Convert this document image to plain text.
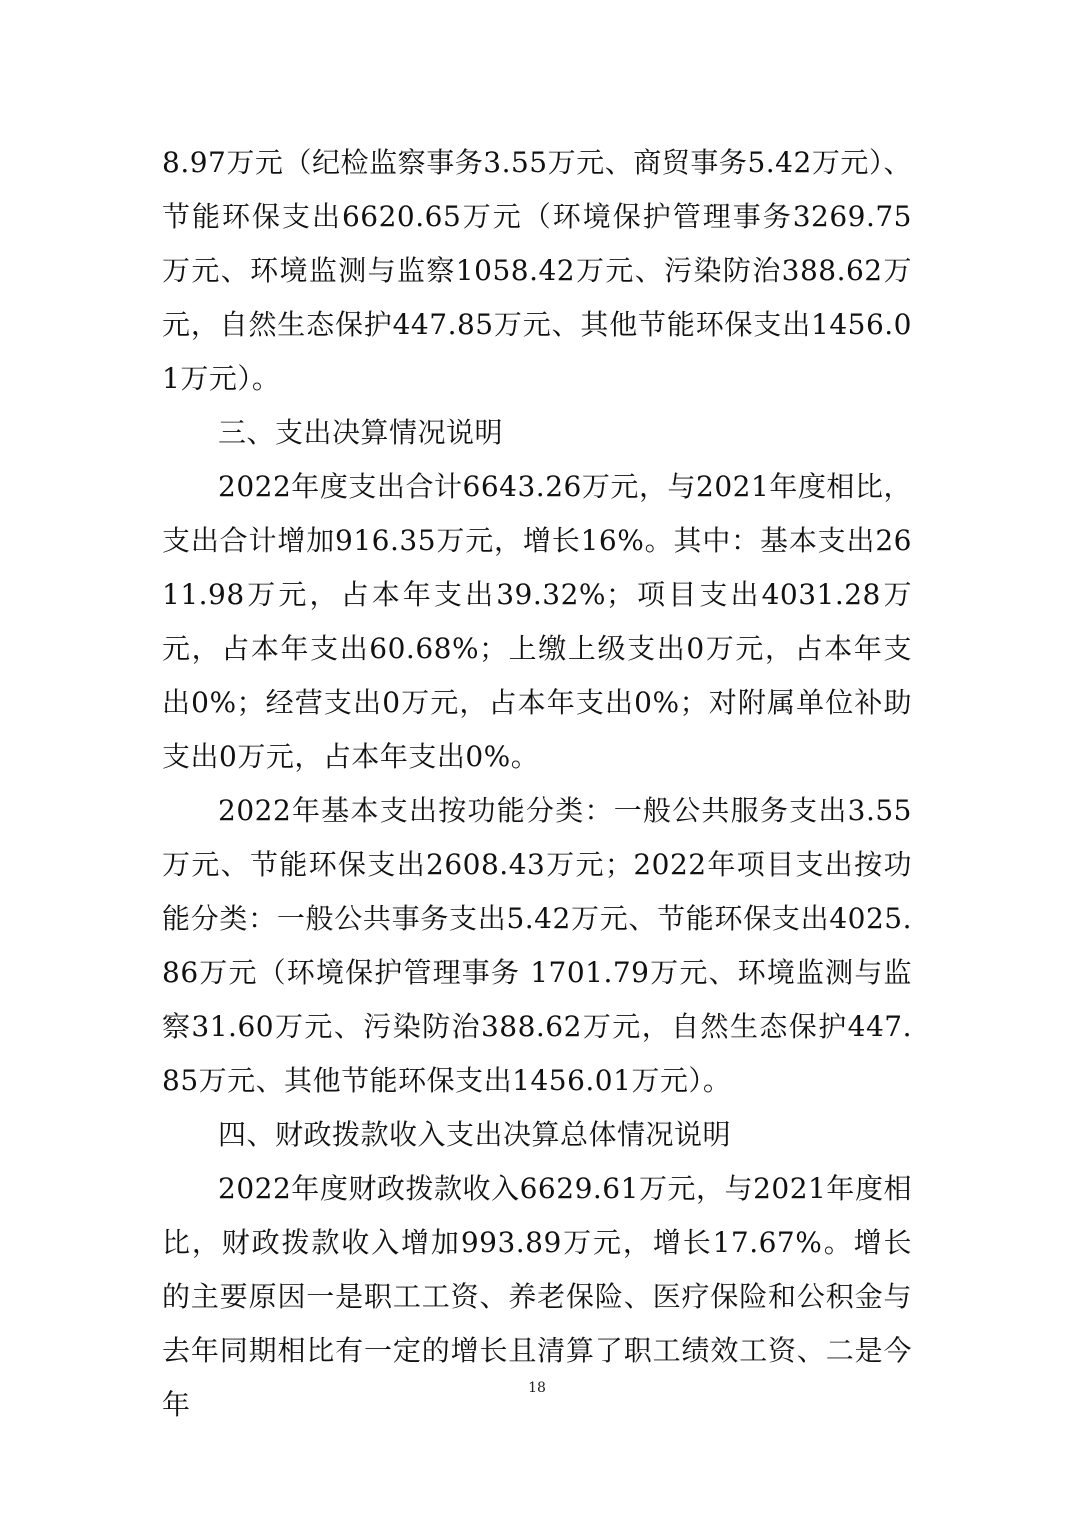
8.97万元（纪检监察事务3.55万元、商贸事务5.42万元）、节能环保支出6620.65万元（环境保护管理事务3269.75万元、环境监测与监察1058.42万元、污染防治388.62万元，自然生态保护447.85万元、其他节能环保支出1456.01万元）。

三、支出决算情况说明

2022年度支出合计6643.26万元，与2021年度相比，支出合计增加916.35万元，增长16%。其中：基本支出2611.98万元，占本年支出39.32%；项目支出4031.28万元，占本年支出60.68%；上缴上级支出0万元，占本年支出0%；经营支出0万元，占本年支出0%；对附属单位补助支出0万元，占本年支出0%。

2022年基本支出按功能分类：一般公共服务支出3.55万元、节能环保支出2608.43万元；2022年项目支出按功能分类：一般公共事务支出5.42万元、节能环保支出4025.86万元（环境保护管理事务 1701.79万元、环境监测与监察31.60万元、污染防治388.62万元，自然生态保护447.85万元、其他节能环保支出1456.01万元）。

四、财政拨款收入支出决算总体情况说明

2022年度财政拨款收入6629.61万元，与2021年度相比，财政拨款收入增加993.89万元，增长17.67%。增长的主要原因一是职工工资、养老保险、医疗保险和公积金与去年同期相比有一定的增长且清算了职工绩效工资、二是今年	18
